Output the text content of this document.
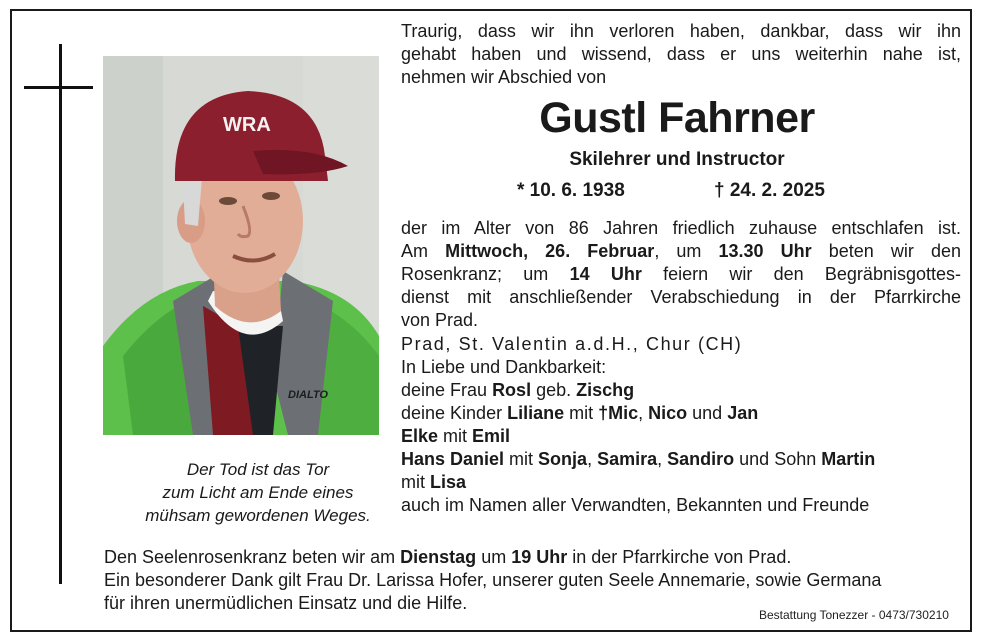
WRA
DIALTO
Der Tod ist das Tor
zum Licht am Ende eines
mühsam gewordenen Weges.
Traurig, dass wir ihn verloren haben, dankbar, dass wir ihn
gehabt haben und wissend, dass er uns weiterhin nahe ist,
nehmen wir Abschied von
Gustl Fahrner
Skilehrer und Instructor
* 10. 6. 1938	† 24. 2. 2025
der im Alter von 86 Jahren friedlich zuhause entschlafen ist.
Am Mittwoch, 26. Februar, um 13.30 Uhr beten wir den
Rosenkranz; um 14 Uhr feiern wir den Begräbnisgottes-
dienst mit anschließender Verabschiedung in der Pfarrkirche
von Prad.
Prad, St. Valentin a.d.H., Chur (CH)
In Liebe und Dankbarkeit:
deine Frau Rosl geb. Zischg
deine Kinder Liliane mit †Mic, Nico und Jan
Elke mit Emil
Hans Daniel mit Sonja, Samira, Sandiro und Sohn Martin
mit Lisa
auch im Namen aller Verwandten, Bekannten und Freunde
Den Seelenrosenkranz beten wir am Dienstag um 19 Uhr in der Pfarrkirche von Prad.
Ein besonderer Dank gilt Frau Dr. Larissa Hofer, unserer guten Seele Annemarie, sowie Germana
für ihren unermüdlichen Einsatz und die Hilfe.
Bestattung Tonezzer - 0473/730210
